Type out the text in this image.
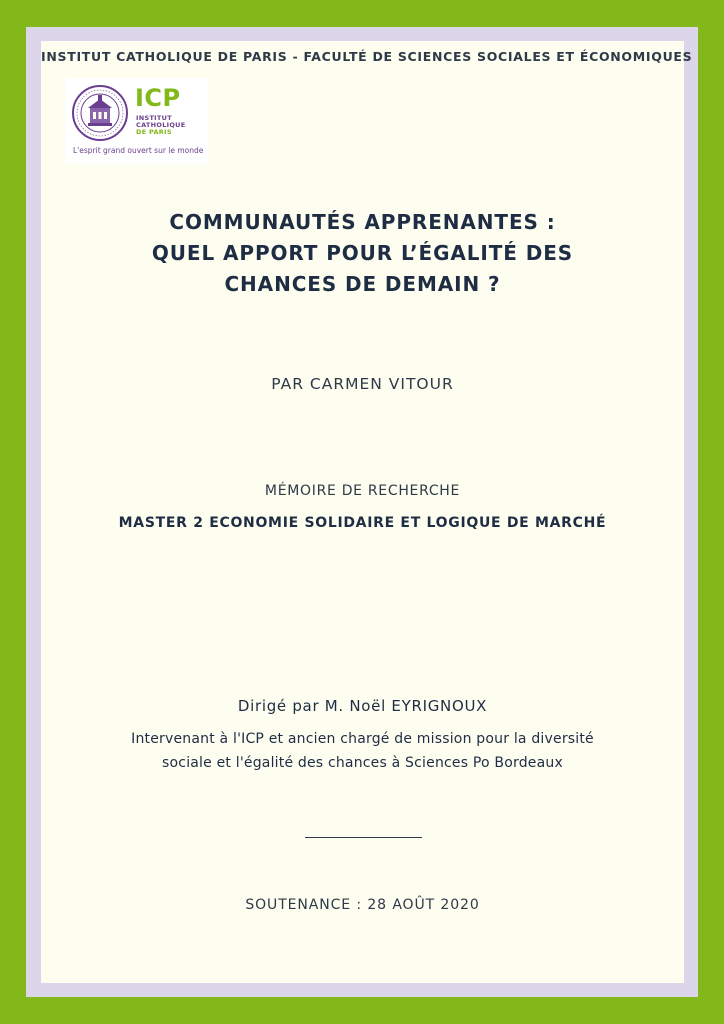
INSTITUT CATHOLIQUE DE PARIS - FACULTÉ DE SCIENCES SOCIALES ET ÉCONOMIQUES
ICP
INSTITUT
CATHOLIQUE
DE PARIS
L'esprit grand ouvert sur le monde
COMMUNAUTÉS APPRENANTES :
QUEL APPORT POUR L’ÉGALITÉ DES
CHANCES DE DEMAIN ?
PAR CARMEN VITOUR
MÉMOIRE DE RECHERCHE
MASTER 2 ECONOMIE SOLIDAIRE ET LOGIQUE DE MARCHÉ
Dirigé par M. Noël EYRIGNOUX
Intervenant à l'ICP et ancien chargé de mission pour la diversité
sociale et l'égalité des chances à Sciences Po Bordeaux
SOUTENANCE : 28 AOÛT 2020
